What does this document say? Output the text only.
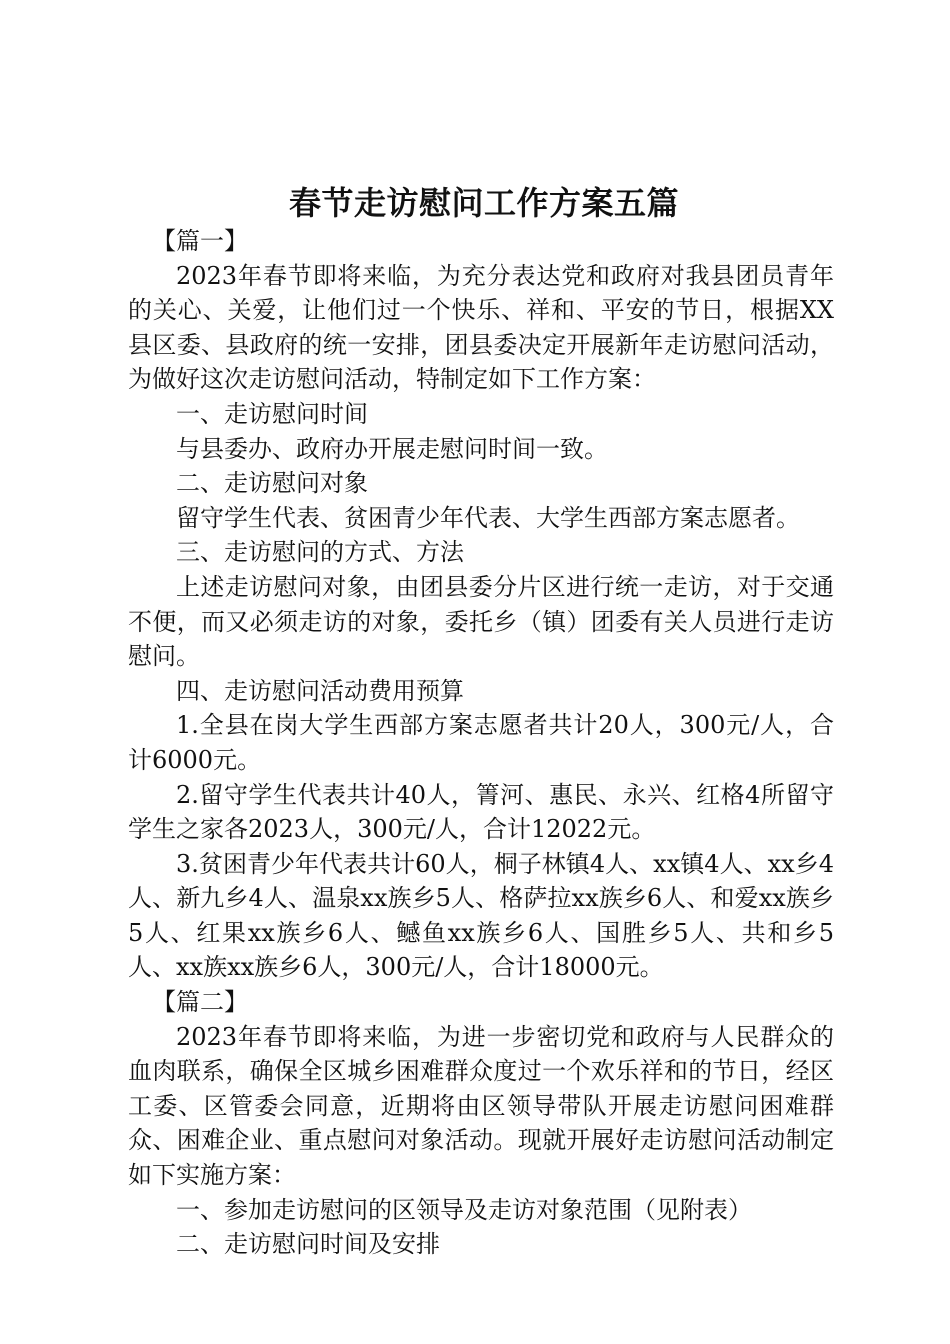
春节走访慰问工作方案五篇
【篇一】

2023年春节即将来临，为充分表达党和政府对我县团员青年的关心、关爱，让他们过一个快乐、祥和、平安的节日，根据XX县区委、县政府的统一安排，团县委决定开展新年走访慰问活动，为做好这次走访慰问活动，特制定如下工作方案：

一、走访慰问时间

与县委办、政府办开展走慰问时间一致。

二、走访慰问对象

留守学生代表、贫困青少年代表、大学生西部方案志愿者。

三、走访慰问的方式、方法

上述走访慰问对象，由团县委分片区进行统一走访，对于交通不便，而又必须走访的对象，委托乡（镇）团委有关人员进行走访慰问。

四、走访慰问活动费用预算

1.全县在岗大学生西部方案志愿者共计20人，300元/人，合计6000元。

2.留守学生代表共计40人，箐河、惠民、永兴、红格4所留守学生之家各2023人，300元/人，合计12022元。

3.贫困青少年代表共计60人，桐子林镇4人、xx镇4人、xx乡4人、新九乡4人、温泉xx族乡5人、格萨拉xx族乡6人、和爱xx族乡5人、红果xx族乡6人、鳡鱼xx族乡6人、国胜乡5人、共和乡5人、xx族xx族乡6人，300元/人，合计18000元。

【篇二】

2023年春节即将来临，为进一步密切党和政府与人民群众的血肉联系，确保全区城乡困难群众度过一个欢乐祥和的节日，经区工委、区管委会同意，近期将由区领导带队开展走访慰问困难群众、困难企业、重点慰问对象活动。现就开展好走访慰问活动制定如下实施方案：

一、参加走访慰问的区领导及走访对象范围（见附表）

二、走访慰问时间及安排
